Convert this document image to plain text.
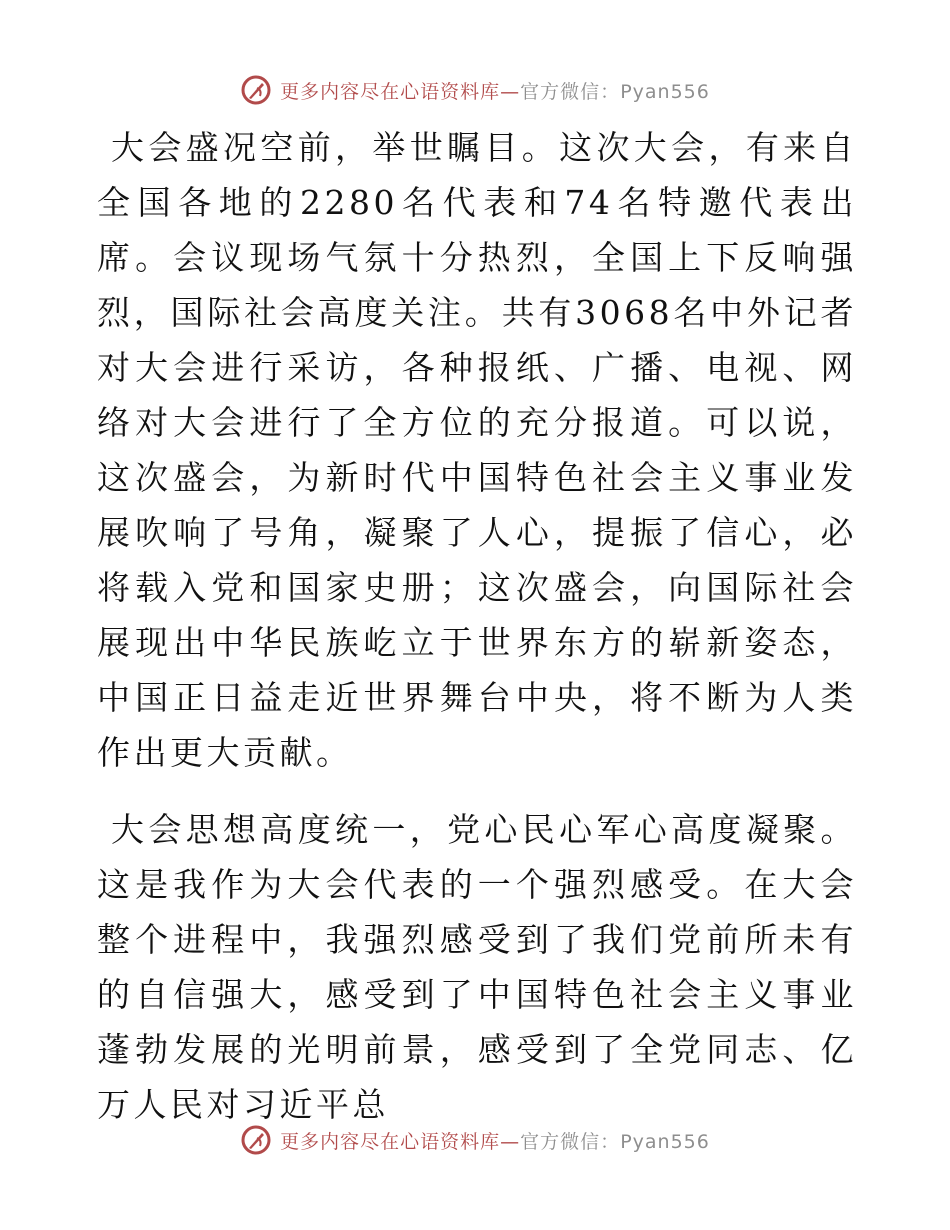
更多内容尽在心语资料库—官方微信：Pyan556

大会盛况空前，举世瞩目。这次大会，有来自全国各地的2280名代表和74名特邀代表出席。会议现场气氛十分热烈，全国上下反响强烈，国际社会高度关注。共有3068名中外记者对大会进行采访，各种报纸、广播、电视、网络对大会进行了全方位的充分报道。可以说，这次盛会，为新时代中国特色社会主义事业发展吹响了号角，凝聚了人心，提振了信心，必将载入党和国家史册；这次盛会，向国际社会展现出中华民族屹立于世界东方的崭新姿态，中国正日益走近世界舞台中央，将不断为人类作出更大贡献。

大会思想高度统一，党心民心军心高度凝聚。这是我作为大会代表的一个强烈感受。在大会整个进程中，我强烈感受到了我们党前所未有的自信强大，感受到了中国特色社会主义事业蓬勃发展的光明前景，感受到了全党同志、亿万人民对习近平总

更多内容尽在心语资料库—官方微信：Pyan556
